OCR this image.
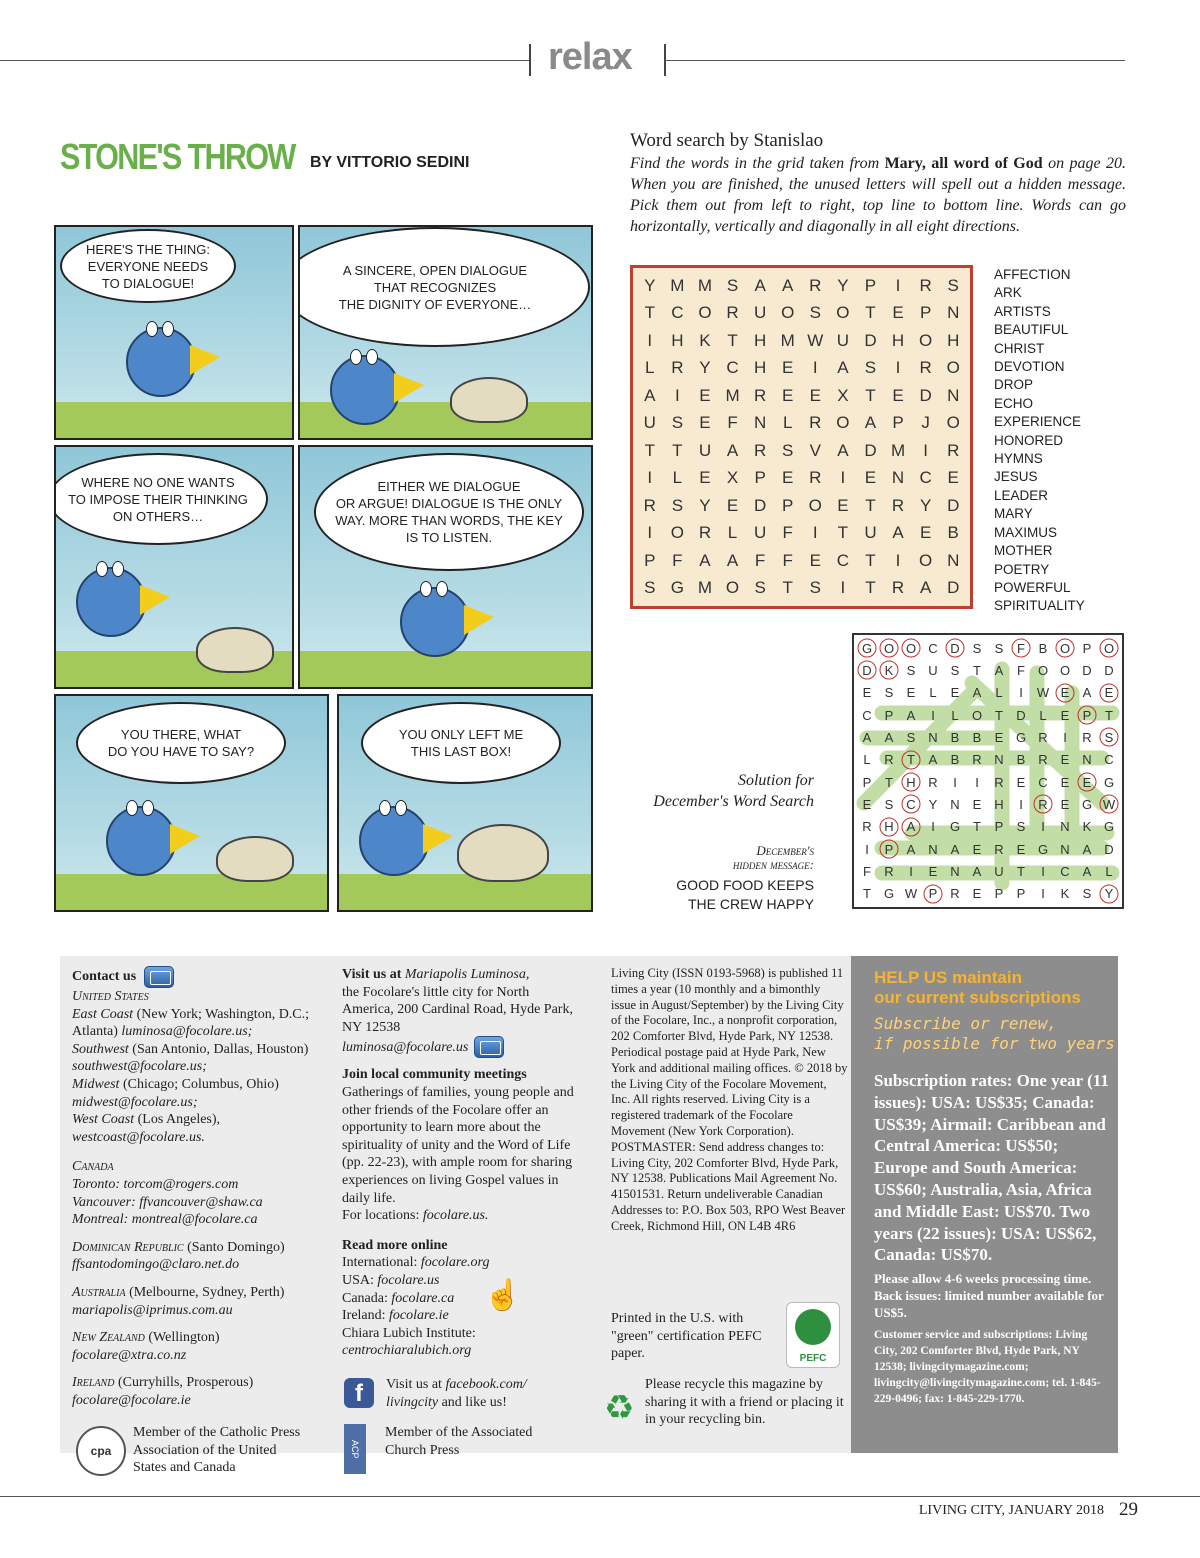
relax
STONE'S THROW BY VITTORIO SEDINI
HERE'S THE THING:
EVERYONE NEEDS
TO DIALOGUE!
A SINCERE, OPEN DIALOGUE
THAT RECOGNIZES
THE DIGNITY OF EVERYONE…
WHERE NO ONE WANTS
TO IMPOSE THEIR THINKING
ON OTHERS…
EITHER WE DIALOGUE
OR ARGUE! DIALOGUE IS THE ONLY
WAY. MORE THAN WORDS, THE KEY
IS TO LISTEN.
YOU THERE, WHAT
DO YOU HAVE TO SAY?
YOU ONLY LEFT ME
THIS LAST BOX!
Word search by Stanislao
Find the words in the grid taken from Mary, all word of God on page 20. When you are finished, the unused letters will spell out a hidden message. Pick them out from left to right, top line to bottom line. Words can go horizontally, vertically and diagonally in all eight directions.
Y M M S A A R Y P	I	R S
T C O R U O S O T E P N
I	H K T H M W U D H O H
L R Y C H E	I	A S	I	R O
A	I	E M R E E X T E D N
U S E F N L R O A P	J O
T	T U A R S V A D M	I	R
I	L	E X P E R	I	E N C E
R S Y E D P O E T R Y D
I	O R L U F	I	T U A E B
P F A A F	F E C T	I	O N
S G M O S T S	I	T R A D
AFFECTION
ARK
ARTISTS
BEAUTIFUL
CHRIST
DEVOTION
DROP
ECHO
EXPERIENCE
HONORED
HYMNS
JESUS
LEADER
MARY
MAXIMUS
MOTHER
POETRY
POWERFUL
SPIRITUALITY
Solution for
December's Word Search
December's
hidden message:
GOOD FOOD KEEPS
THE CREW HAPPY
G O O C D S	S	F	B O P O
D K	S U S	T	A	F O O D D
E	S	E	L	E	A	L	I	W E	A	E
C P	A	I	L	O T	D	L	E	P	T
A	A	S N B	B	E G R	I	R S
L	R	T	A	B R N B R E N C
P	T	H R	I	I	R E C E	E G
E	S C Y N E H	I	R E G W
R H A	I	G T	P	S	I	N K G
I	P	A N A	E R E G N A D
F	R	I	E N A U	T	I	C A	L
T G W P R E	P	P	I	K	S	Y
Contact us
United States
East Coast (New York; Washington, D.C.; Atlanta) luminosa@focolare.us;
Southwest (San Antonio, Dallas, Houston) southwest@focolare.us;
Midwest (Chicago; Columbus, Ohio)
midwest@focolare.us;
West Coast (Los Angeles),
westcoast@focolare.us.
Canada
Toronto: torcom@rogers.com
Vancouver: ffvancouver@shaw.ca
Montreal: montreal@focolare.ca
Dominican Republic (Santo Domingo)
ffsantodomingo@claro.net.do
Australia (Melbourne, Sydney, Perth)
mariapolis@iprimus.com.au
New Zealand (Wellington)
focolare@xtra.co.nz
Ireland (Curryhills, Prosperous)
focolare@focolare.ie
cpa
Member of the Catholic Press Association of the United States and Canada
Visit us at Mariapolis Luminosa,
the Focolare's little city for North America, 200 Cardinal Road, Hyde Park, NY 12538
luminosa@focolare.us
Join local community meetings
Gatherings of families, young people and other friends of the Focolare offer an opportunity to learn more about the spirituality of unity and the Word of Life (pp. 22-23), with ample room for sharing experiences on living Gospel values in daily life.
For locations: focolare.us.
Read more online
International: focolare.org
USA: focolare.us
Canada: focolare.ca
Ireland: focolare.ie
Chiara Lubich Institute:
centrochiaralubich.org
☝
f	Visit us at facebook.com/ livingcity and like us!
ACP
Member of the Associated Church Press
Living City (ISSN 0193-5968) is published 11 times a year (10 monthly and a bimonthly issue in August/September) by the Living City of the Focolare, Inc., a nonprofit corporation, 202 Comforter Blvd, Hyde Park, NY 12538. Periodical postage paid at Hyde Park, New York and additional mailing offices. © 2018 by the Living City of the Focolare Movement, Inc. All rights reserved. Living City is a registered trademark of the Focolare Movement (New York Corporation). POSTMASTER: Send address changes to: Living City, 202 Comforter Blvd, Hyde Park, NY 12538. Publications Mail Agreement No. 41501531. Return undeliverable Canadian Addresses to: P.O. Box 503, RPO West Beaver Creek, Richmond Hill, ON L4B 4R6
Printed in the U.S. with "green" certification PEFC paper.	PEFC
♻
Please recycle this magazine by sharing it with a friend or placing it in your recycling bin.
HELP US maintain
our current subscriptions
Subscribe or renew,
if possible for two years
Subscription rates: One year (11 issues): USA: US$35; Canada: US$39; Airmail: Caribbean and Central America: US$50; Europe and South America: US$60; Australia, Asia, Africa and Middle East: US$70. Two years (22 issues): USA: US$62, Canada: US$70.
Please allow 4-6 weeks processing time. Back issues: limited number available for US$5.
Customer service and subscriptions: Living City, 202 Comforter Blvd, Hyde Park, NY 12538; livingcitymagazine.com; livingcity@livingcitymagazine.com; tel. 1-845-229-0496; fax: 1-845-229-1770.
LIVING CITY, JANUARY 2018 29
